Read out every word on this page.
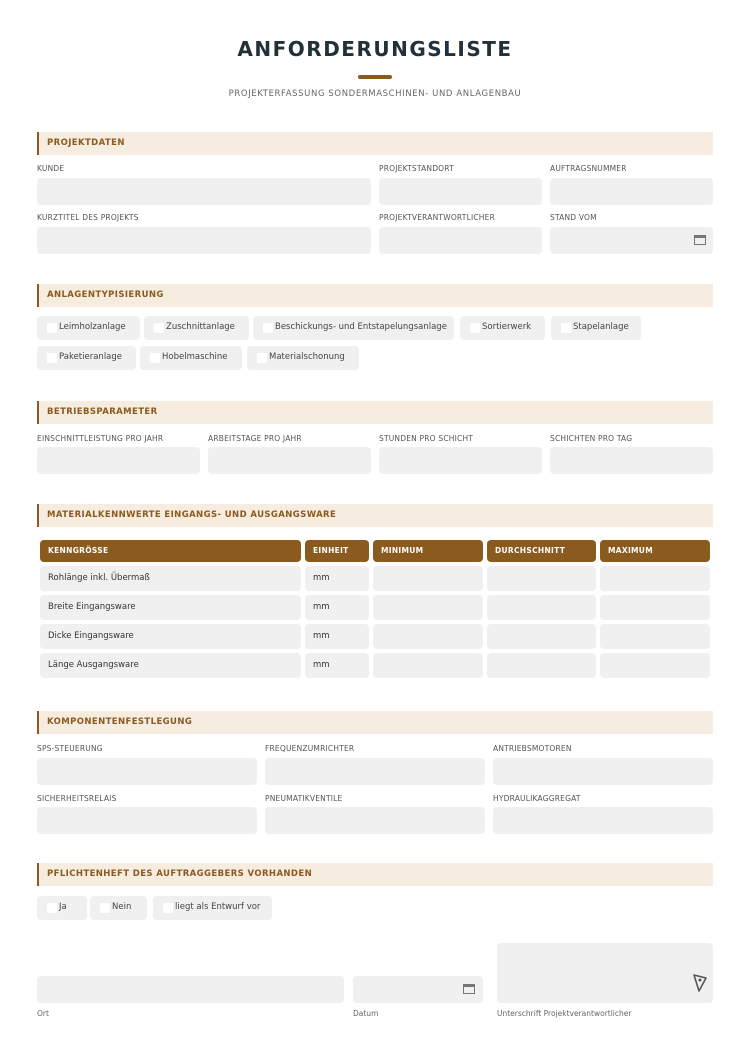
ANFORDERUNGSLISTE
PROJEKTERFASSUNG SONDERMASCHINEN- UND ANLAGENBAU
PROJEKTDATEN
KUNDE	PROJEKTSTANDORT	AUFTRAGSNUMMER
KURZTITEL DES PROJEKTS	PROJEKTVERANTWORTLICHER	STAND VOM
ANLAGENTYPISIERUNG
Leimholzanlage	Zuschnittanlage	Beschickungs- und Entstapelungsanlage	Sortierwerk	Stapelanlage
Paketieranlage	Hobelmaschine	Materialschonung
BETRIEBSPARAMETER
EINSCHNITTLEISTUNG PRO JAHR	ARBEITSTAGE PRO JAHR	STUNDEN PRO SCHICHT	SCHICHTEN PRO TAG
MATERIALKENNWERTE EINGANGS- UND AUSGANGSWARE
KENNGRÖSSE	EINHEIT	MINIMUM	DURCHSCHNITT	MAXIMUM
Rohlänge inkl. Übermaß	mm
Breite Eingangsware	mm
Dicke Eingangsware	mm
Länge Ausgangsware	mm
KOMPONENTENFESTLEGUNG
SPS-STEUERUNG	FREQUENZUMRICHTER	ANTRIEBSMOTOREN
SICHERHEITSRELAIS	PNEUMATIKVENTILE	HYDRAULIKAGGREGAT
PFLICHTENHEFT DES AUFTRAGGEBERS VORHANDEN
Ja	Nein	liegt als Entwurf vor
Ort	Datum	Unterschrift Projektverantwortlicher
